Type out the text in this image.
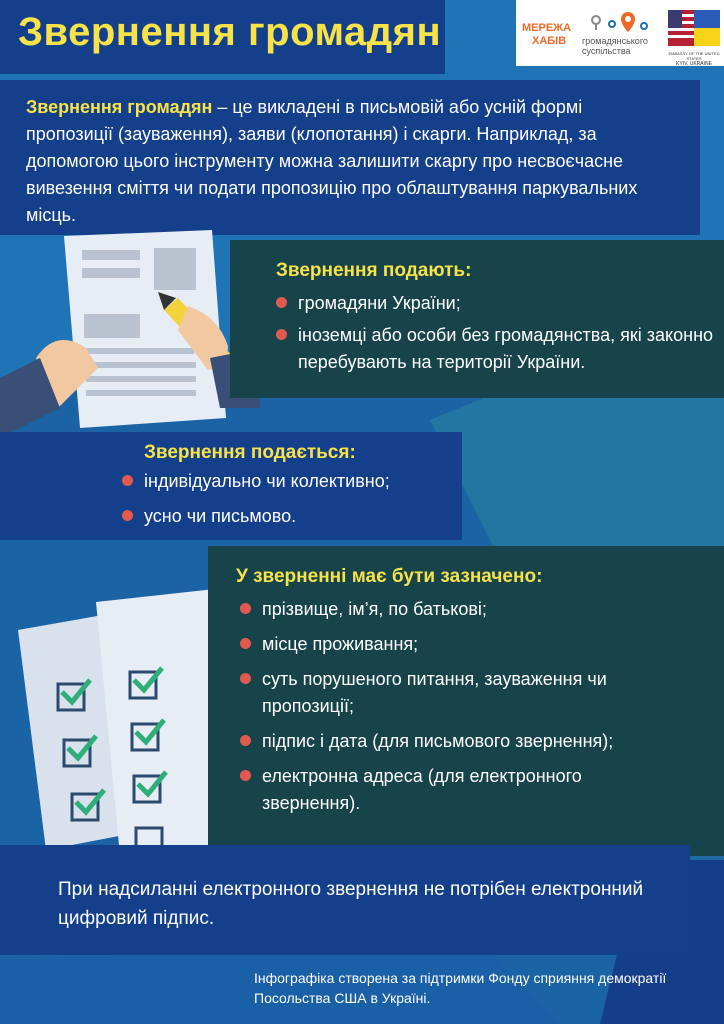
Звернення громадян	МЕРЕЖА
ХАБІВ	громадянського
суспільства	EMBASSY OF THE UNITED STATES
KYIV, UKRAINE

Звернення громадян – це викладені в письмовій або усній формі пропозиції (зауваження), заяви (клопотання) і скарги. Наприклад, за допомогою цього інструменту можна залишити скаргу про несвоєчасне вивезення сміття чи подати пропозицію про облаштування паркувальних місць.

Звернення подають:
громадяни України;
іноземці або особи без громадянства, які законно перебувають на території України.
Звернення подається:
індивідуально чи колективно;
усно чи письмово.
У зверненні має бути зазначено:
прізвище, ім’я, по батькові;
місце проживання;
суть порушеного питання, зауваження чи пропозиції;
підпис і дата (для письмового звернення);
електронна адреса (для електронного звернення).

При надсиланні електронного звернення не потрібен електронний цифровий підпис.

Інфографіка створена за підтримки Фонду сприяння демократії Посольства США в Україні.
